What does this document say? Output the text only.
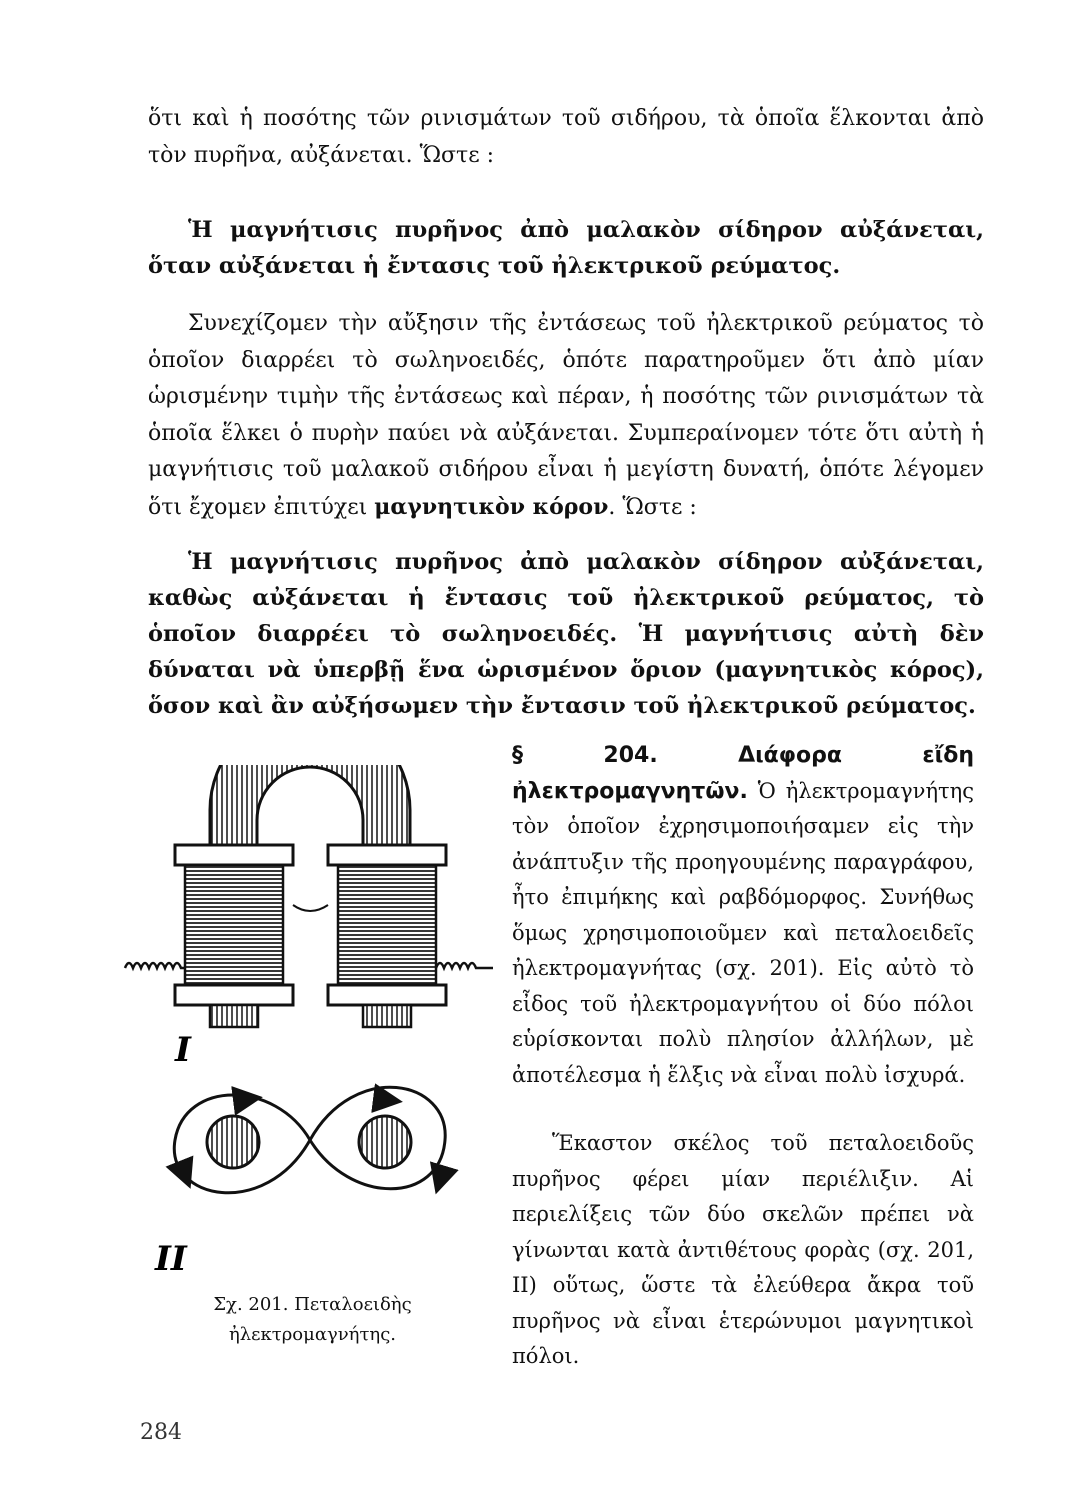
ὅτι καὶ ἡ ποσότης τῶν ρινισμάτων τοῦ σιδήρου, τὰ ὁποῖα ἕλκονται ἀπὸ τὸν πυρῆνα, αὐξάνεται. Ὥστε :
Ἡ μαγνήτισις πυρῆνος ἀπὸ μαλακὸν σίδηρον αὐξάνεται, ὅταν αὐξάνεται ἡ ἔντασις τοῦ ἠλεκτρικοῦ ρεύματος.
Συνεχίζομεν τὴν αὔξησιν τῆς ἐντάσεως τοῦ ἠλεκτρικοῦ ρεύματος τὸ ὁποῖον διαρρέει τὸ σωληνοειδές, ὁπότε παρατηροῦμεν ὅτι ἀπὸ μίαν ὡρισμένην τιμὴν τῆς ἐντάσεως καὶ πέραν, ἡ ποσότης τῶν ρινισμάτων τὰ ὁποῖα ἕλκει ὁ πυρὴν παύει νὰ αὐξάνεται. Συμπεραίνομεν τότε ὅτι αὐτὴ ἡ μαγνήτισις τοῦ μαλακοῦ σιδήρου εἶναι ἡ μεγίστη δυνατή, ὁπότε λέγομεν ὅτι ἔχομεν ἐπιτύχει μαγνητικὸν κόρον. Ὥστε :
Ἡ μαγνήτισις πυρῆνος ἀπὸ μαλακὸν σίδηρον αὐξάνεται, καθὼς αὐξάνεται ἡ ἔντασις τοῦ ἠλεκτρικοῦ ρεύματος, τὸ ὁποῖον διαρρέει τὸ σωληνοειδές. Ἡ μαγνήτισις αὐτὴ δὲν δύναται νὰ ὑπερβῇ ἕνα ὡρισμένον ὅριον (μαγνητικὸς κόρος), ὅσον καὶ ἂν αὐξήσωμεν τὴν ἔντασιν τοῦ ἠλεκτρικοῦ ρεύματος.
§ 204. Διάφορα εἴδη ἠλεκτρομαγνητῶν. Ὁ ἠλεκτρομαγνήτης τὸν ὁποῖον ἐχρησιμοποιήσαμεν εἰς τὴν ἀνάπτυξιν τῆς προηγουμένης παραγράφου, ἦτο ἐπιμήκης καὶ ραβδόμορφος. Συνήθως ὅμως χρησιμοποιοῦμεν καὶ πεταλοειδεῖς ἠλεκτρομαγνήτας (σχ. 201). Εἰς αὐτὸ τὸ εἶδος τοῦ ἠλεκτρομαγνήτου οἱ δύο πόλοι εὑρίσκονται πολὺ πλησίον ἀλλήλων, μὲ ἀποτέλεσμα ἡ ἕλξις νὰ εἶναι πολὺ ἰσχυρά.
Ἕκαστον σκέλος τοῦ πεταλοειδοῦς πυρῆνος φέρει μίαν περιέλιξιν. Αἱ περιελίξεις τῶν δύο σκελῶν πρέπει νὰ γίνωνται κατὰ ἀντιθέτους φορὰς (σχ. 201, II) οὕτως, ὥστε τὰ ἐλεύθερα ἄκρα τοῦ πυρῆνος νὰ εἶναι ἑτερώνυμοι μαγνητικοὶ πόλοι.
I
II
Σχ. 201. Πεταλοειδὴς ἠλεκτρομαγνήτης.
284
